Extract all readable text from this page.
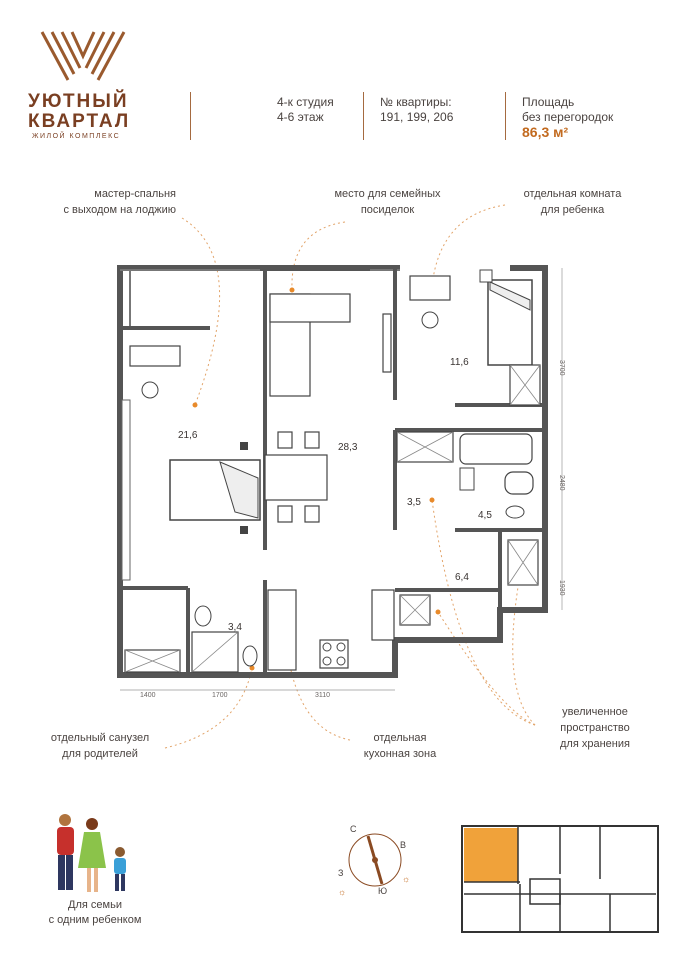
УЮТНЫЙ
КВАРТАЛ
ЖИЛОЙ КОМПЛЕКС
4-к студия
4-6 этаж
№ квартиры:
191, 199, 206
Площадь
без перегородок
86,3 м²
мастер-спальня
с выходом на лоджию
место для семейных
посиделок
отдельная комната
для ребенка
увеличенное
пространство
для хранения
отдельный санузел
для родителей
отдельная
кухонная зона
21,6
28,3
11,6
3,5
4,5
6,4
3,4
1400	1700	3110
3700
2480
1930
Для семьи
с одним ребенком
С
В
З
Ю
☼
☼
